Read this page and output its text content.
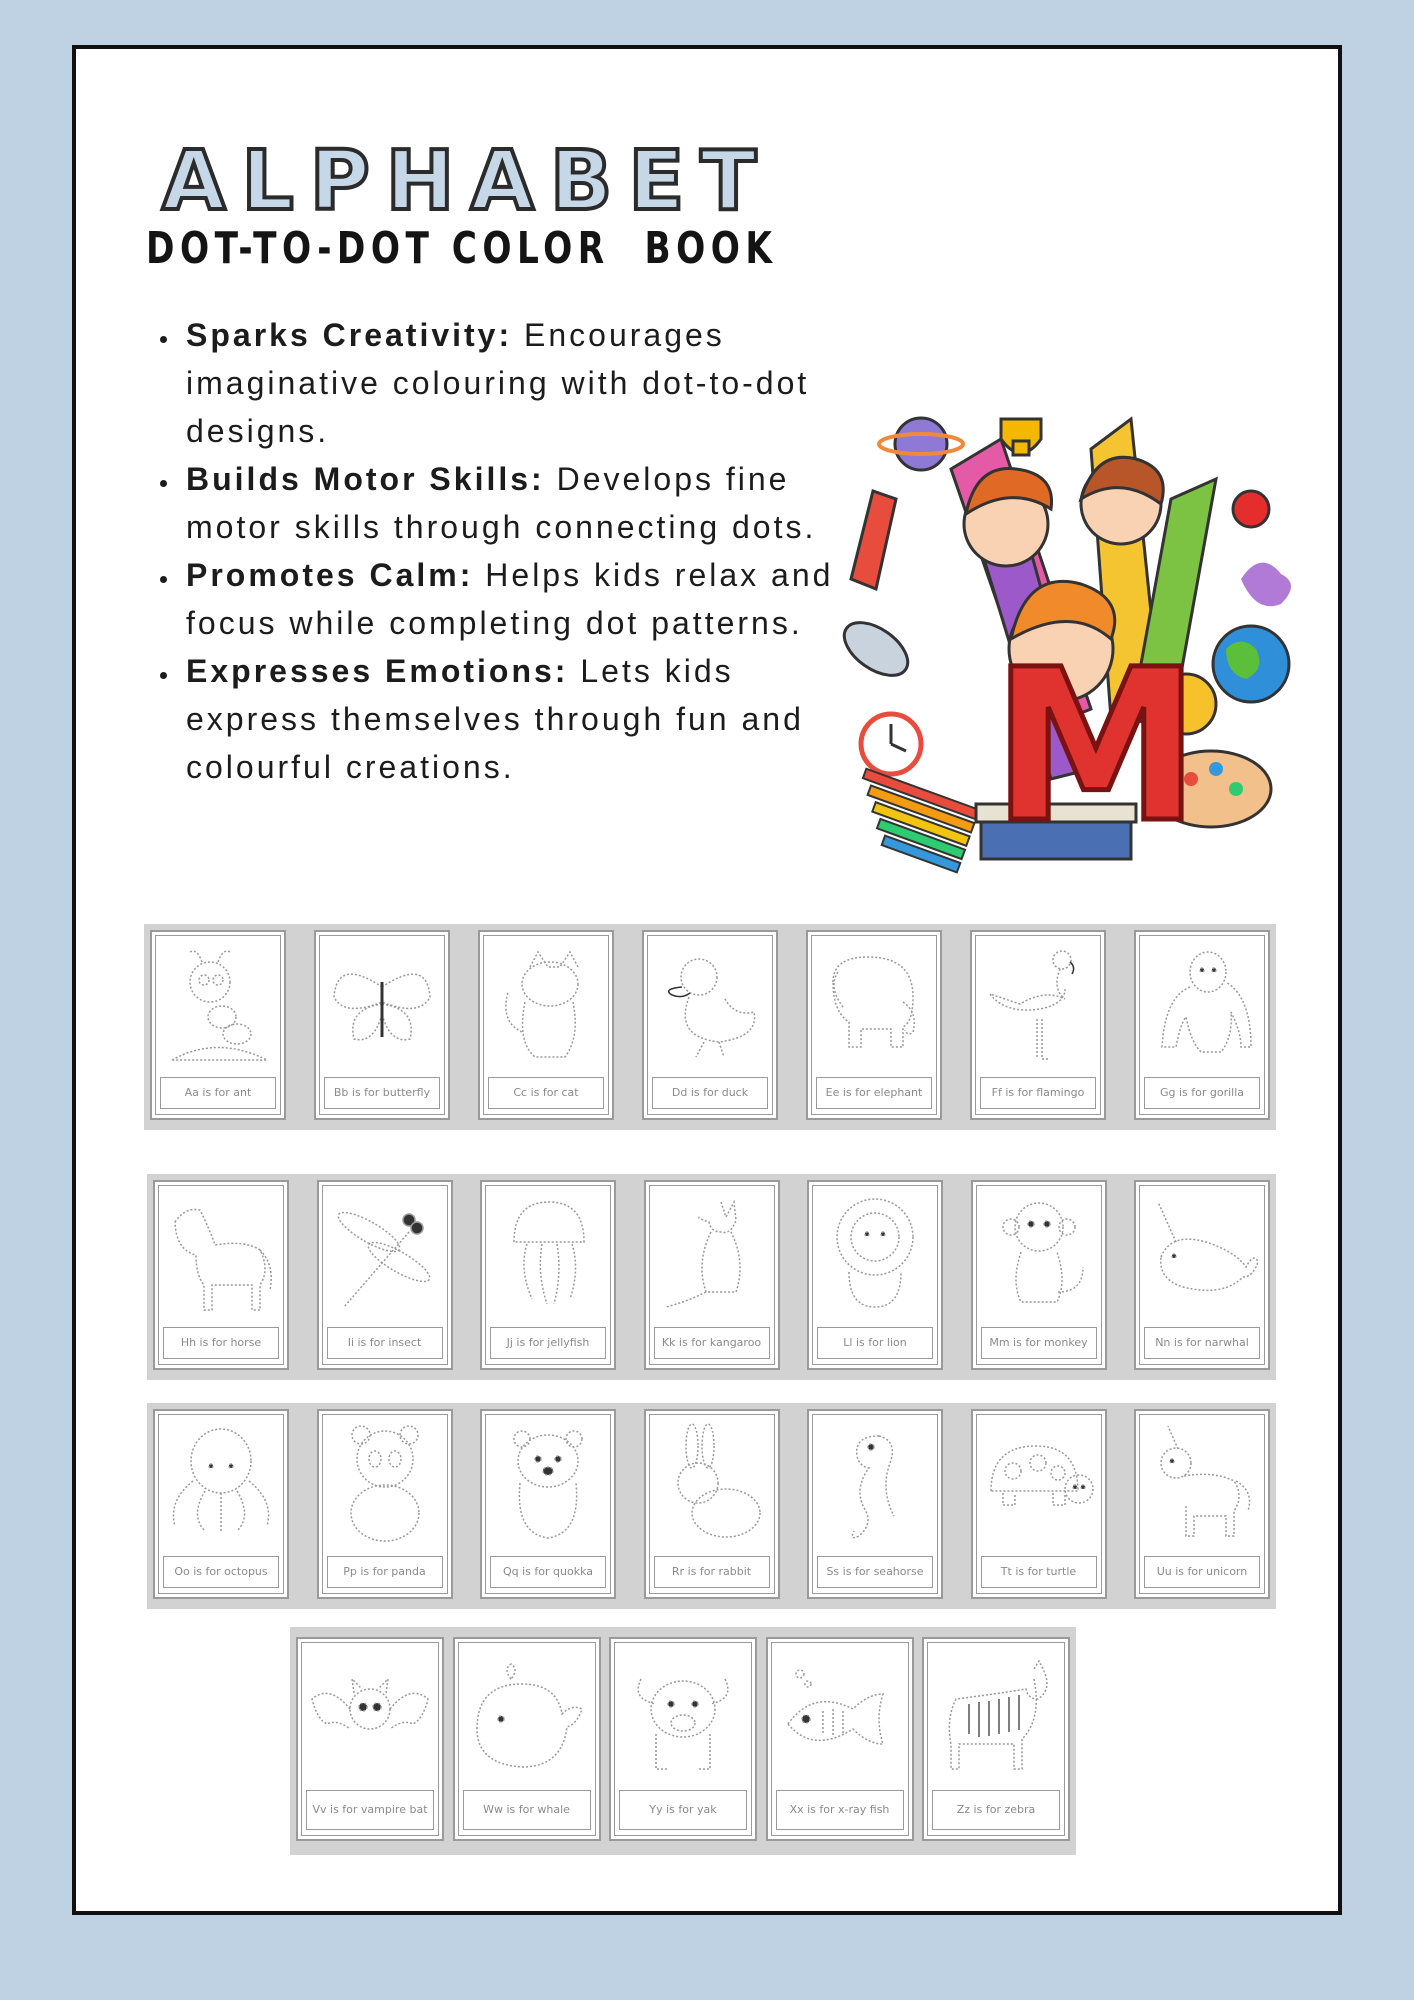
ALPHABET
DOT-TO-DOT COLOR  BOOK
• Sparks Creativity: Encourages imaginative colouring with dot-to-dot designs.
• Builds Motor Skills: Develops fine motor skills through connecting dots.
• Promotes Calm: Helps kids relax and focus while completing dot patterns.
• Expresses Emotions: Lets kids express themselves through fun and colourful creations.	M
Aa is for ant	Bb is for butterfly	Cc is for cat	Dd is for duck	Ee is for elephant	Ff is for flamingo	Gg is for gorilla
Hh is for horse	Ii is for insect	Jj is for jellyfish	Kk is for kangaroo	Ll is for lion	Mm is for monkey	Nn is for narwhal
Oo is for octopus	Pp is for panda	Qq is for quokka	Rr is for rabbit	Ss is for seahorse	Tt is for turtle	Uu is for unicorn
Vv is for vampire bat	Ww is for whale	Yy is for yak	Xx is for x-ray fish	Zz is for zebra
